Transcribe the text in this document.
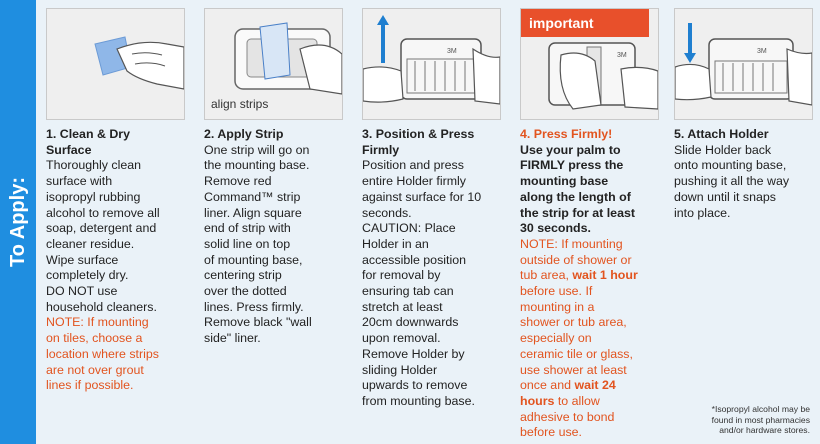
To Apply:
1. Clean & Dry
Surface
Thoroughly clean
surface with
isopropyl rubbing
alcohol to remove all
soap, detergent and
cleaner residue.
Wipe surface
completely dry.
DO NOT use
household cleaners.
NOTE: If mounting
on tiles, choose a
location where strips
are not over grout
lines if possible.
align strips
2. Apply Strip
One strip will go on
the mounting base.
Remove red
Command™ strip
liner. Align square
end of strip with
solid line on top
of mounting base,
centering strip
over the dotted
lines. Press firmly.
Remove black "wall
side" liner.
3M
3. Position & Press
Firmly
Position and press
entire Holder firmly
against surface for 10
seconds.
CAUTION: Place
Holder in an
accessible position
for removal by
ensuring tab can
stretch at least
20cm downwards
upon removal.
Remove Holder by
sliding Holder
upwards to remove
from mounting base.
3M
important
4. Press Firmly!
Use your palm to
FIRMLY press the
mounting base
along the length of
the strip for at least
30 seconds.
NOTE: If mounting
outside of shower or
tub area, wait 1 hour
before use. If
mounting in a
shower or tub area,
especially on
ceramic tile or glass,
use shower at least
once and wait 24
hours to allow
adhesive to bond
before use.
3M
5. Attach Holder
Slide Holder back
onto mounting base,
pushing it all the way
down until it snaps
into place.
*Isopropyl alcohol may be
found in most pharmacies
and/or hardware stores.
